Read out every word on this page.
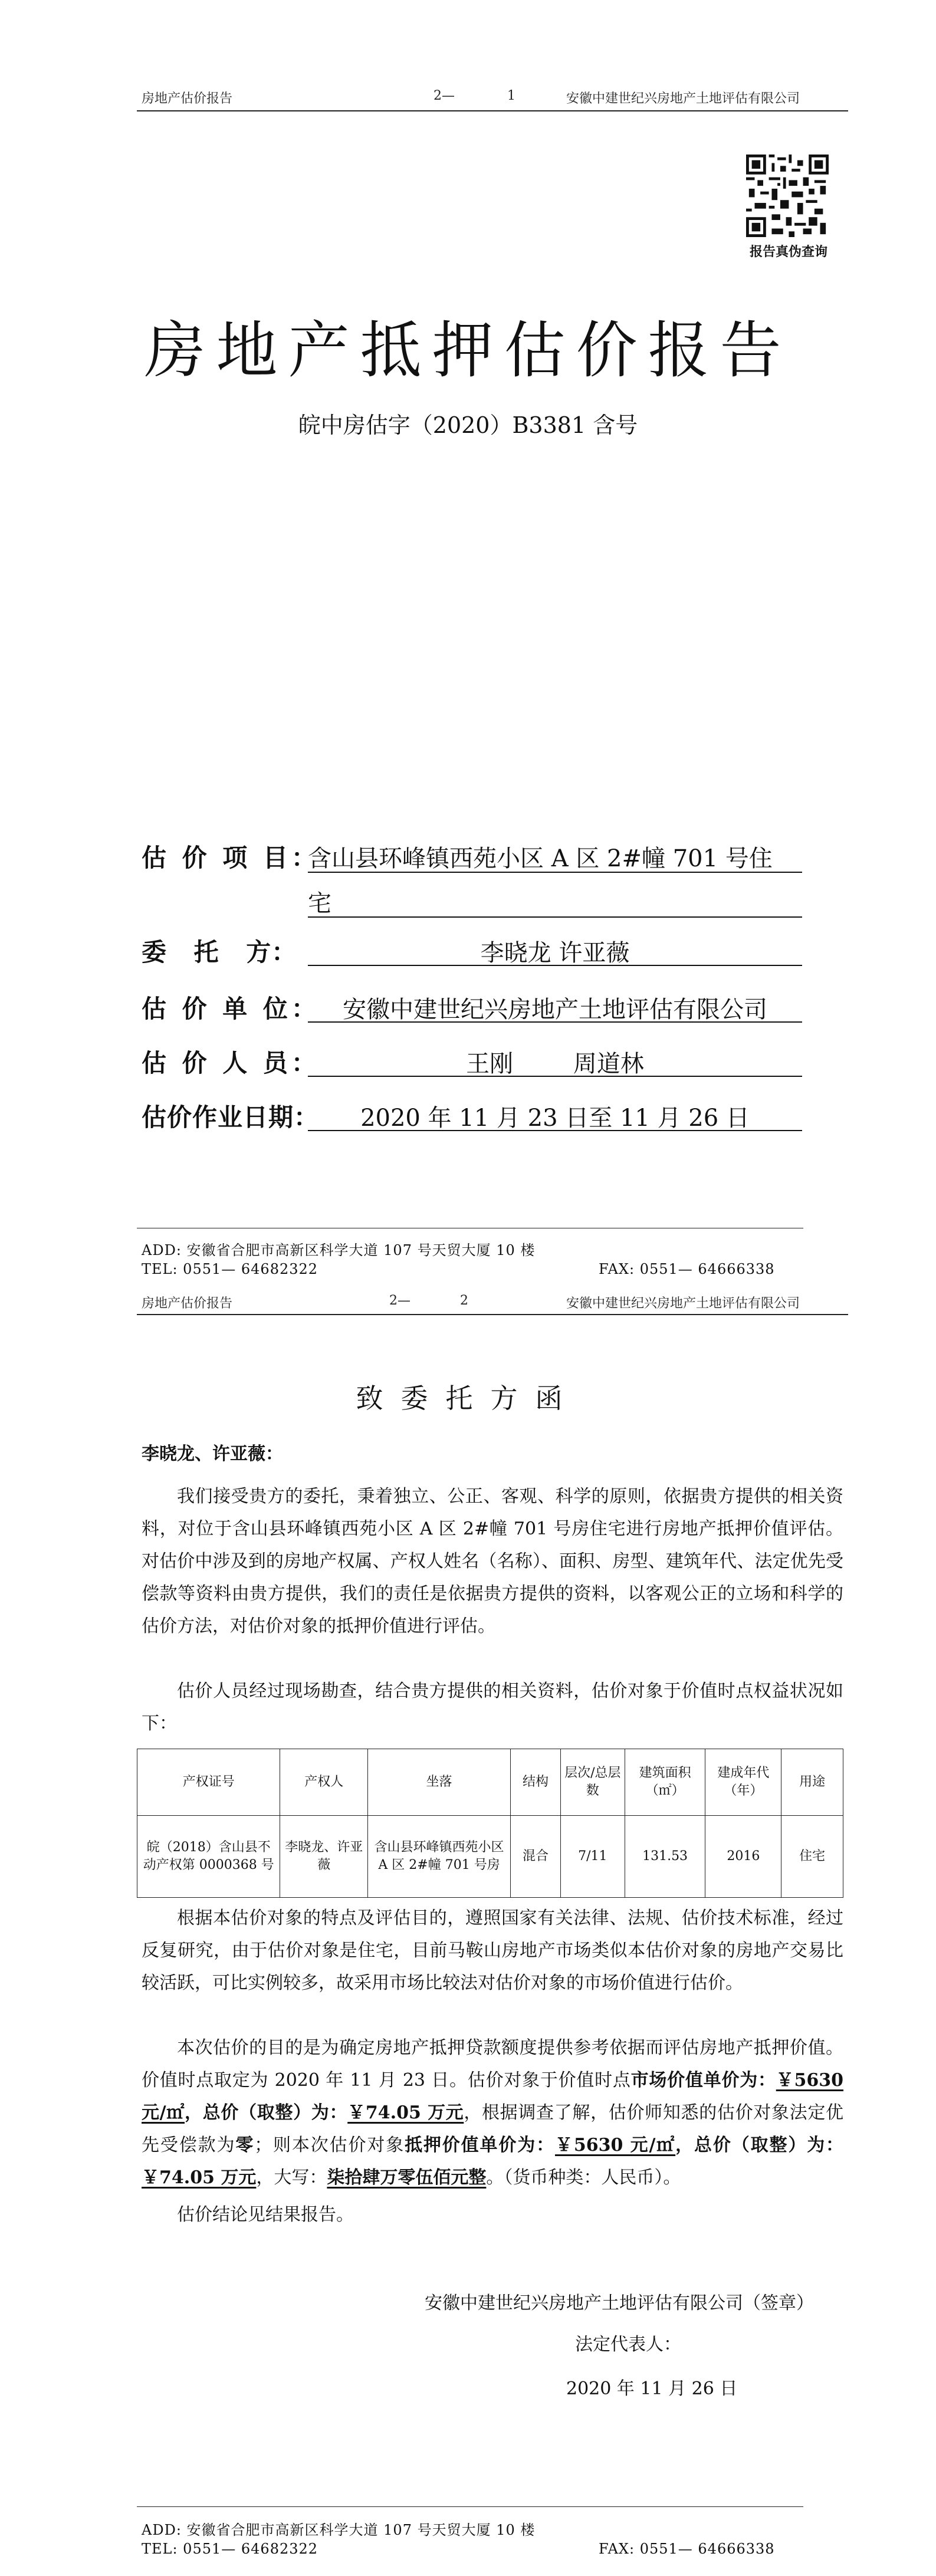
房地产估价报告	2—	1	安徽中建世纪兴房地产土地评估有限公司
报告真伪查询
房地产抵押估价报告
皖中房估字（2020）B3381 含号
估 价 项 目：
含山县环峰镇西苑小区 A 区 2#幢 701 号住
宅
委 托 方：	李晓龙 许亚薇
估 价 单 位： 安徽中建世纪兴房地产土地评估有限公司
估 价 人 员：	王刚        周道林
估价作业日期：	2020 年 11 月 23 日至 11 月 26 日
ADD: 安徽省合肥市高新区科学大道 107 号天贸大厦 10 楼
TEL: 0551— 64682322	FAX: 0551— 64666338
房地产估价报告	2—	2	安徽中建世纪兴房地产土地评估有限公司
致委托方函
李晓龙、许亚薇：
我们接受贵方的委托，秉着独立、公正、客观、科学的原则，依据贵方提供的相关资料，对位于含山县环峰镇西苑小区 A 区 2#幢 701 号房住宅进行房地产抵押价值评估。对估价中涉及到的房地产权属、产权人姓名（名称）、面积、房型、建筑年代、法定优先受偿款等资料由贵方提供，我们的责任是依据贵方提供的资料，以客观公正的立场和科学的估价方法，对估价对象的抵押价值进行评估。
估价人员经过现场勘查，结合贵方提供的相关资料，估价对象于价值时点权益状况如下：
产权证号	产权人	坐落	结构	层次/总层数	建筑面积（㎡）	建成年代（年）	用途
皖（2018）含山县不动产权第 0000368 号	李晓龙、许亚薇	含山县环峰镇西苑小区 A 区 2#幢 701 号房	混合	7/11	131.53	2016	住宅
根据本估价对象的特点及评估目的，遵照国家有关法律、法规、估价技术标准，经过反复研究，由于估价对象是住宅，目前马鞍山房地产市场类似本估价对象的房地产交易比较活跃，可比实例较多，故采用市场比较法对估价对象的市场价值进行估价。
本次估价的目的是为确定房地产抵押贷款额度提供参考依据而评估房地产抵押价值。价值时点取定为 2020 年 11 月 23 日。估价对象于价值时点市场价值单价为：￥5630 元/㎡，总价（取整）为：￥74.05 万元，根据调查了解，估价师知悉的估价对象法定优先受偿款为零；则本次估价对象抵押价值单价为：￥5630 元/㎡，总价（取整）为：￥74.05 万元，大写：柒拾肆万零伍佰元整。（货币种类：人民币）。
估价结论见结果报告。
安徽中建世纪兴房地产土地评估有限公司（签章）
法定代表人：
2020 年 11 月 26 日
ADD: 安徽省合肥市高新区科学大道 107 号天贸大厦 10 楼
TEL: 0551— 64682322	FAX: 0551— 64666338
